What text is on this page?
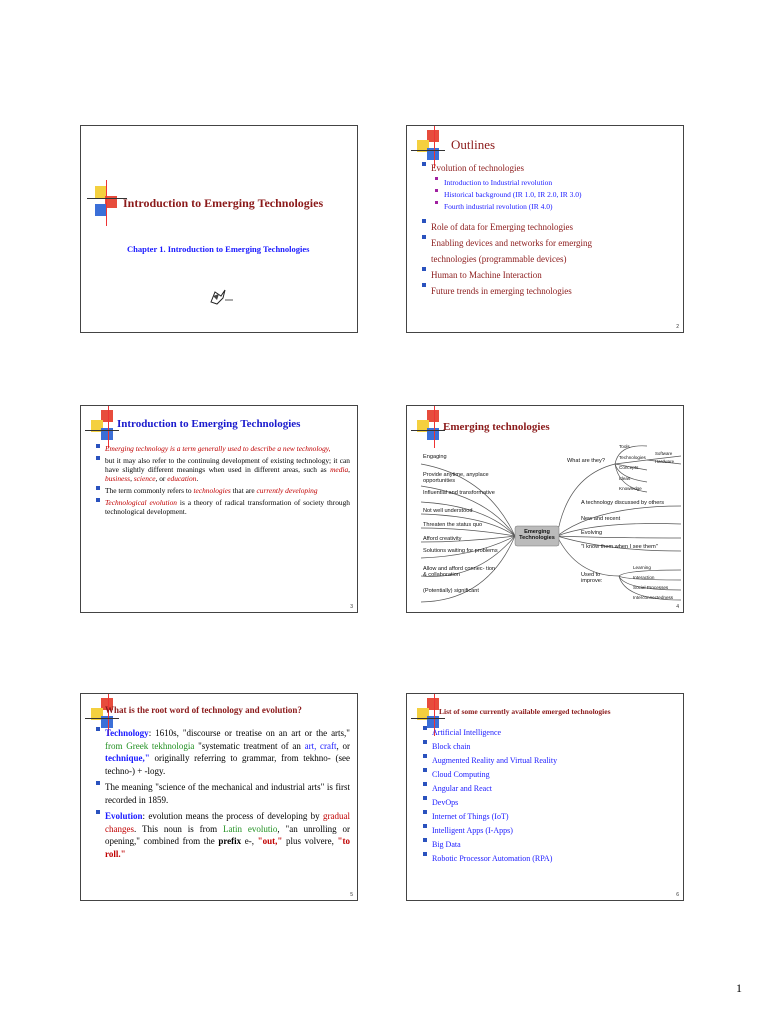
Introduction to Emerging Technologies
Chapter 1. Introduction to Emerging Technologies
Outlines
Evolution of technologies
Introduction to Industrial revolution
Historical background (IR 1.0, IR 2.0, IR 3.0)
Fourth industrial revolution (IR 4.0)
Role of data for Emerging technologies
Enabling devices and networks for emerging
technologies (programmable devices)
Human to Machine Interaction
Future trends in emerging technologies
2
Introduction to Emerging Technologies
Emerging technology is a term generally used to describe a new technology,
but it may also refer to the continuing development of existing technology; it can have slightly different meanings when used in different areas, such as media, business, science, or education.
The term commonly refers to technologies that are currently developing
Technological evolution is a theory of radical transformation of society through technological development.
3
Emerging technologies
Emerging Technologies
Engaging
Provide anytime, anyplace opportunities
Influential and transformative
Not well understood
Threaten the status quo
Afford creativity
Solutions waiting for problems
Allow and afford connec- tion & collaboration
(Potentially) significant
What are they?
A technology discussed by others
New and recent
Evolving
"I know them when I see them"
Used to improve:
Tools
Technologies
Concepts
Ideas
Knowledge
Software
Hardware
Learning
Interaction
Social Processes
Interconnectedness
4
What is the root word of technology and evolution?
Technology: 1610s, "discourse or treatise on an art or the arts," from Greek tekhnologia "systematic treatment of an art, craft, or technique," originally referring to grammar, from tekhno- (see techno-) + -logy.
The meaning "science of the mechanical and industrial arts" is first recorded in 1859.
Evolution: evolution means the process of developing by gradual changes. This noun is from Latin evolutio, "an unrolling or opening," combined from the prefix e-, "out," plus volvere, "to roll."
5
List of some currently available emerged technologies
Artificial Intelligence
Block chain
Augmented Reality and Virtual Reality
Cloud Computing
Angular and React
DevOps
Internet of Things (IoT)
Intelligent Apps (I-Apps)
Big Data
Robotic Processor Automation (RPA)
6
1
